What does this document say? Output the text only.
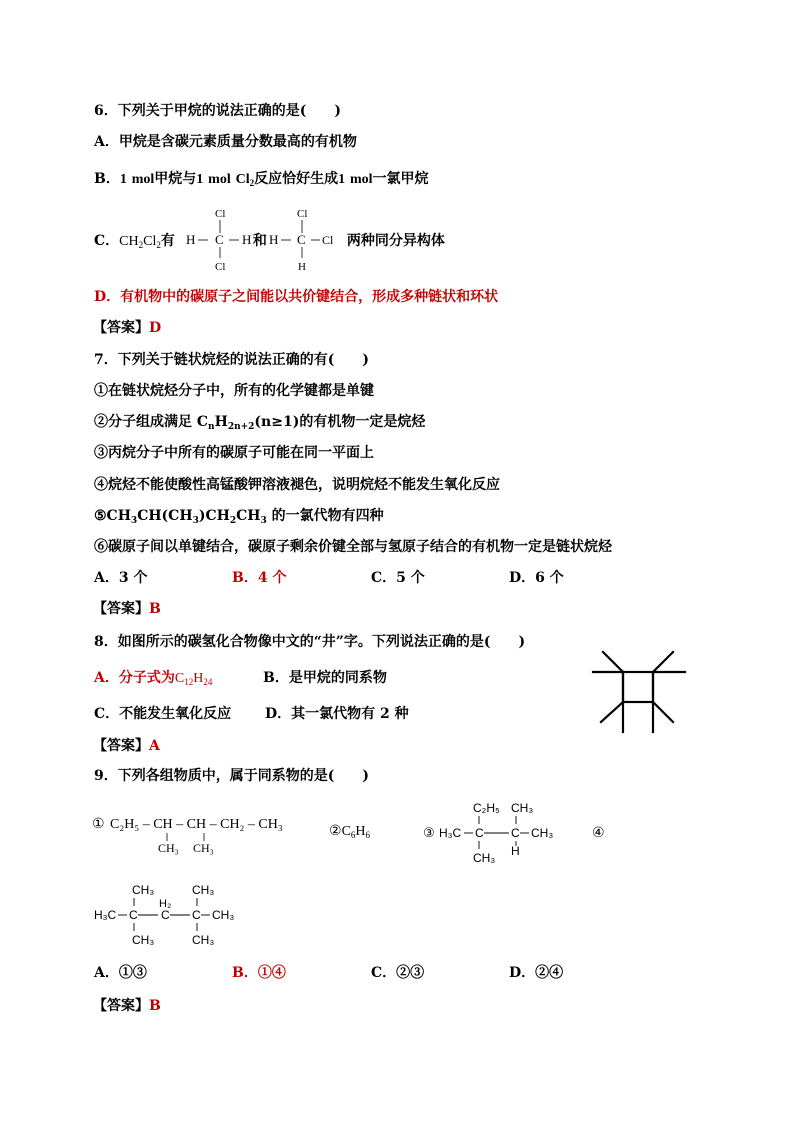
6．下列关于甲烷的说法正确的是(　　)
A．甲烷是含碳元素质量分数最高的有机物
B．1 mol甲烷与1 mol $Cl_2$反应恰好生成1 mol一氯甲烷
C．$CH_2Cl_2$有	和	两种同分异构体
Cl
H C H
Cl
Cl
H C Cl
H
D．有机物中的碳原子之间能以共价键结合，形成多种链状和环状
【答案】D
7．下列关于链状烷烃的说法正确的有(　　)
①在链状烷烃分子中，所有的化学键都是单键
②分子组成满足 $C_nH_{2n+2}(n\ge 1)$的有机物一定是烷烃
③丙烷分子中所有的碳原子可能在同一平面上
④烷烃不能使酸性高锰酸钾溶液褪色，说明烷烃不能发生氧化反应
$⑤CH_3CH(CH_3)CH_2CH_3$ 的一氯代物有四种
⑥碳原子间以单键结合，碳原子剩余价键全部与氢原子结合的有机物一定是链状烷烃
A．3 个	B．4 个	C．5 个	D．6 个
【答案】B
8．如图所示的碳氢化合物像中文的“井”字。下列说法正确的是(　　)
A．分子式为$C_{12}H_{24}$	B．是甲烷的同系物
C．不能发生氧化反应 D．其一氯代物有 2 种
【答案】A
9．下列各组物质中，属于同系物的是(　　)
① C₂H₅ – CH – CH – CH₂ – CH₃
CH₃ CH₃
$②C_6H_6$	③ H₃C C C CH₃
C₂H₅ CH₃
CH₃ H
④
H₃C C
H₂
C C CH₃
CH₃	CH₃
CH₃	CH₃
A．①③	B．①④	C．②③	D．②④
【答案】B
